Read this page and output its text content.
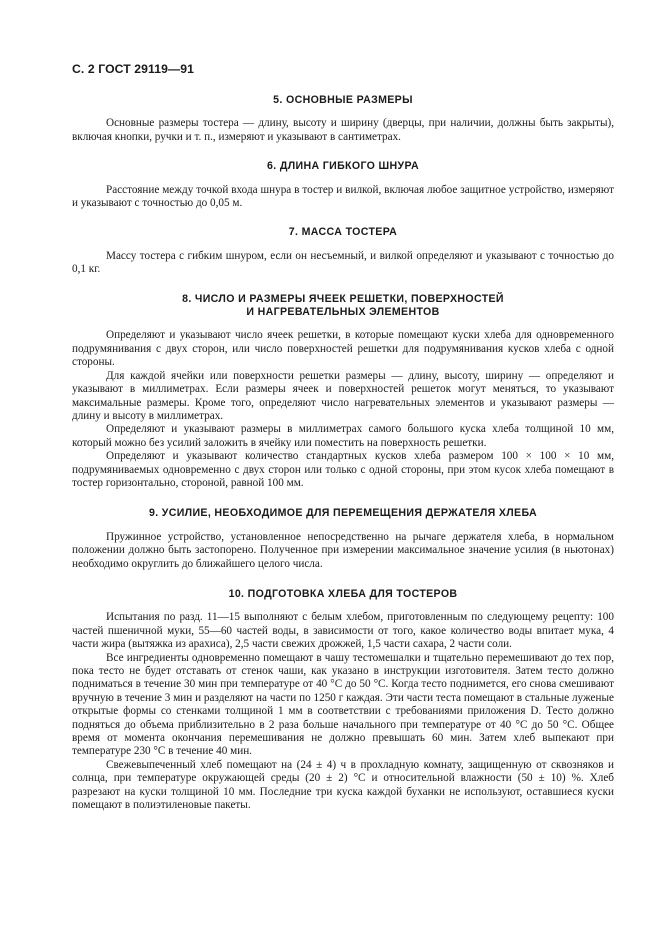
С. 2 ГОСТ 29119—91
5. ОСНОВНЫЕ РАЗМЕРЫ

Основные размеры тостера — длину, высоту и ширину (дверцы, при наличии, должны быть закрыты), включая кнопки, ручки и т. п., измеряют и указывают в сантиметрах.

6. ДЛИНА ГИБКОГО ШНУРА

Расстояние между точкой входа шнура в тостер и вилкой, включая любое защитное устройство, измеряют и указывают с точностью до 0,05 м.

7. МАССА ТОСТЕРА

Массу тостера с гибким шнуром, если он несъемный, и вилкой определяют и указывают с точностью до 0,1 кг.

8. ЧИСЛО И РАЗМЕРЫ ЯЧЕЕК РЕШЕТКИ, ПОВЕРХНОСТЕЙ
И НАГРЕВАТЕЛЬНЫХ ЭЛЕМЕНТОВ

Определяют и указывают число ячеек решетки, в которые помещают куски хлеба для одновременного подрумянивания с двух сторон, или число поверхностей решетки для подрумянивания кусков хлеба с одной стороны.

Для каждой ячейки или поверхности решетки размеры — длину, высоту, ширину — определяют и указывают в миллиметрах. Если размеры ячеек и поверхностей решеток могут меняться, то указывают максимальные размеры. Кроме того, определяют число нагревательных элементов и указывают размеры — длину и высоту в миллиметрах.

Определяют и указывают размеры в миллиметрах самого большого куска хлеба толщиной 10 мм, который можно без усилий заложить в ячейку или поместить на поверхность решетки.

Определяют и указывают количество стандартных кусков хлеба размером 100 × 100 × 10 мм, подрумяниваемых одновременно с двух сторон или только с одной стороны, при этом кусок хлеба помещают в тостер горизонтально, стороной, равной 100 мм.

9. УСИЛИЕ, НЕОБХОДИМОЕ ДЛЯ ПЕРЕМЕЩЕНИЯ ДЕРЖАТЕЛЯ ХЛЕБА

Пружинное устройство, установленное непосредственно на рычаге держателя хлеба, в нормальном положении должно быть застопорено. Полученное при измерении максимальное значение усилия (в ньютонах) необходимо округлить до ближайшего целого числа.

10. ПОДГОТОВКА ХЛЕБА ДЛЯ ТОСТЕРОВ

Испытания по разд. 11—15 выполняют с белым хлебом, приготовленным по следующему рецепту: 100 частей пшеничной муки, 55—60 частей воды, в зависимости от того, какое количество воды впитает мука, 4 части жира (вытяжка из арахиса), 2,5 части свежих дрожжей, 1,5 части сахара, 2 части соли.

Все ингредиенты одновременно помещают в чашу тестомешалки и тщательно перемешивают до тех пор, пока тесто не будет отставать от стенок чаши, как указано в инструкции изготовителя. Затем тесто должно подниматься в течение 30 мин при температуре от 40 °С до 50 °С. Когда тесто поднимется, его снова смешивают вручную в течение 3 мин и разделяют на части по 1250 г каждая. Эти части теста помещают в стальные луженые открытые формы со стенками толщиной 1 мм в соответствии с требованиями приложения D. Тесто должно подняться до объема приблизительно в 2 раза больше начального при температуре от 40 °С до 50 °С. Общее время от момента окончания перемешивания не должно превышать 60 мин. Затем хлеб выпекают при температуре 230 °С в течение 40 мин.

Свежевыпеченный хлеб помещают на (24 ± 4) ч в прохладную комнату, защищенную от сквозняков и солнца, при температуре окружающей среды (20 ± 2) °С и относительной влажности (50 ± 10) %. Хлеб разрезают на куски толщиной 10 мм. Последние три куска каждой буханки не используют, оставшиеся куски помещают в полиэтиленовые пакеты.
